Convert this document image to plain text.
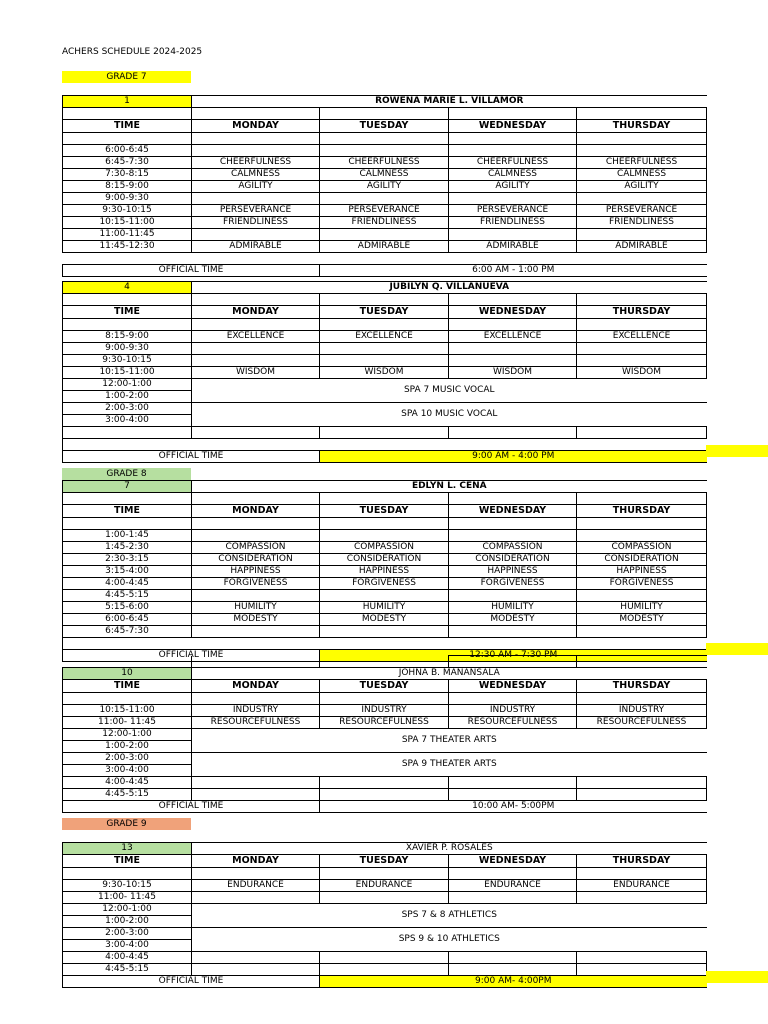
ACHERS SCHEDULE 2024-2025
GRADE 7
1	ROWENA MARIE L. VILLAMOR			

TIME	MONDAY	TUESDAY	WEDNESDAY	THURSDAY

6:00-6:45				
6:45-7:30	CHEERFULNESS	CHEERFULNESS	CHEERFULNESS	CHEERFULNESS
7:30-8:15	CALMNESS	CALMNESS	CALMNESS	CALMNESS
8:15-9:00	AGILITY	AGILITY	AGILITY	AGILITY
9:00-9:30				
9:30-10:15	PERSEVERANCE	PERSEVERANCE	PERSEVERANCE	PERSEVERANCE
10:15-11:00	FRIENDLINESS	FRIENDLINESS	FRIENDLINESS	FRIENDLINESS
11:00-11:45				
11:45-12:30	ADMIRABLE	ADMIRABLE	ADMIRABLE	ADMIRABLE

OFFICIAL TIME		6:00 AM - 1:00 PM		
4	JUBILYN Q. VILLANUEVA			

TIME	MONDAY	TUESDAY	WEDNESDAY	THURSDAY

8:15-9:00	EXCELLENCE	EXCELLENCE	EXCELLENCE	EXCELLENCE
9:00-9:30				
9:30-10:15				
10:15-11:00	WISDOM	WISDOM	WISDOM	WISDOM
12:00-1:00	SPA 7 MUSIC VOCAL			
1:00-2:00				
2:00-3:00	SPA 10 MUSIC VOCAL			
3:00-4:00				

OFFICIAL TIME		9:00 AM - 4:00 PM		
GRADE 8
7	EDLYN L. CENA			

TIME	MONDAY	TUESDAY	WEDNESDAY	THURSDAY

1:00-1:45				
1:45-2:30	COMPASSION	COMPASSION	COMPASSION	COMPASSION
2:30-3:15	CONSIDERATION	CONSIDERATION	CONSIDERATION	CONSIDERATION
3:15-4:00	HAPPINESS	HAPPINESS	HAPPINESS	HAPPINESS
4:00-4:45	FORGIVENESS	FORGIVENESS	FORGIVENESS	FORGIVENESS
4:45-5:15				
5:15-6:00	HUMILITY	HUMILITY	HUMILITY	HUMILITY
6:00-6:45	MODESTY	MODESTY	MODESTY	MODESTY
6:45-7:30				

OFFICIAL TIME		12:30 AM - 7:30 PM		

10	JOHNA B. MANANSALA			
TIME	MONDAY	TUESDAY	WEDNESDAY	THURSDAY

10:15-11:00	INDUSTRY	INDUSTRY	INDUSTRY	INDUSTRY
11:00- 11:45	RESOURCEFULNESS	RESOURCEFULNESS	RESOURCEFULNESS	RESOURCEFULNESS
12:00-1:00	SPA 7 THEATER ARTS			
1:00-2:00				
2:00-3:00	SPA 9 THEATER ARTS			
3:00-4:00				
4:00-4:45				
4:45-5:15				
OFFICIAL TIME		10:00 AM- 5:00PM		
GRADE 9
13	XAVIER P. ROSALES			
TIME	MONDAY	TUESDAY	WEDNESDAY	THURSDAY

9:30-10:15	ENDURANCE	ENDURANCE	ENDURANCE	ENDURANCE
11:00- 11:45				
12:00-1:00	SPS 7 & 8 ATHLETICS			
1:00-2:00				
2:00-3:00	SPS 9 & 10 ATHLETICS			
3:00-4:00				
4:00-4:45				
4:45-5:15				
OFFICIAL TIME		9:00 AM- 4:00PM		
